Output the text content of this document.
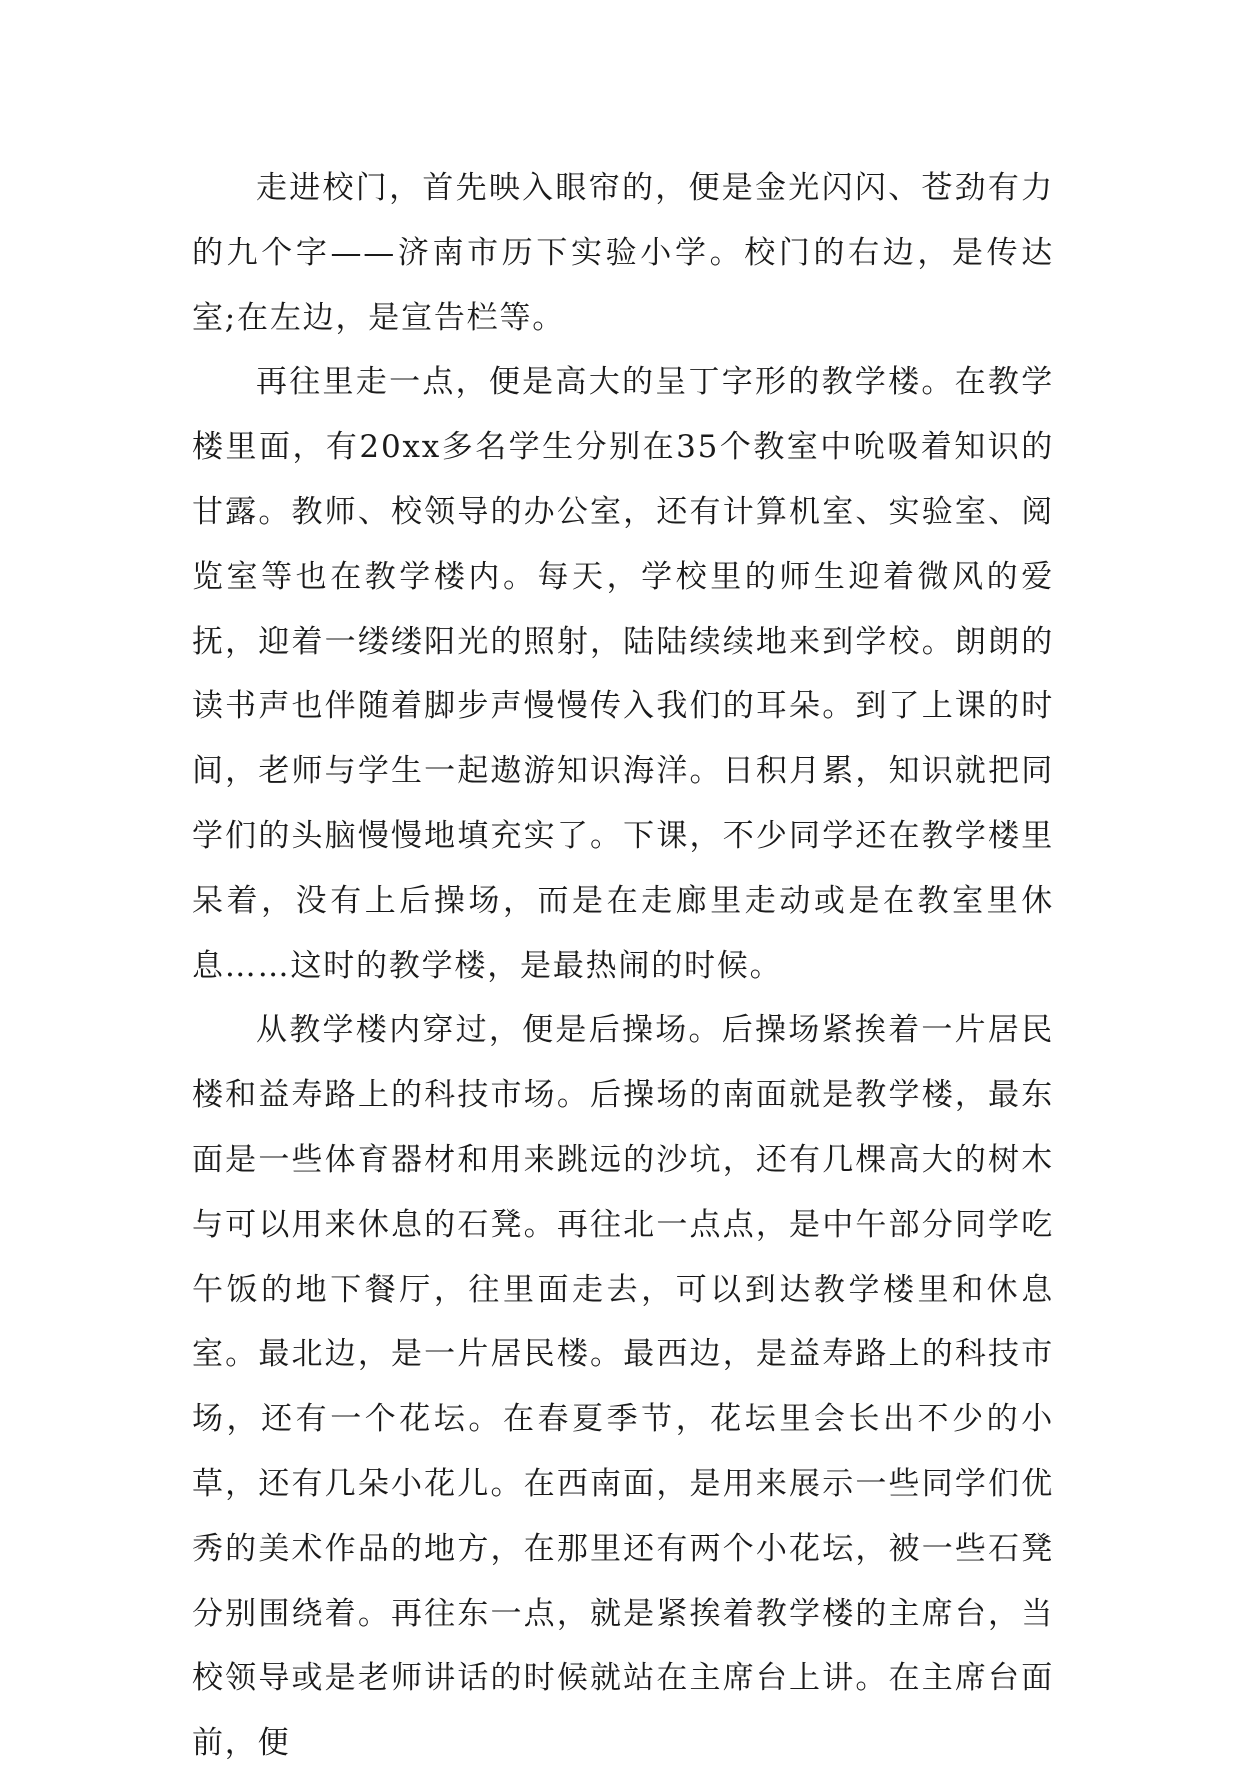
走进校门，首先映入眼帘的，便是金光闪闪、苍劲有力的九个字——济南市历下实验小学。校门的右边，是传达室;在左边，是宣告栏等。

再往里走一点，便是高大的呈丁字形的教学楼。在教学楼里面，有20xx多名学生分别在35个教室中吮吸着知识的甘露。教师、校领导的办公室，还有计算机室、实验室、阅览室等也在教学楼内。每天，学校里的师生迎着微风的爱抚，迎着一缕缕阳光的照射，陆陆续续地来到学校。朗朗的读书声也伴随着脚步声慢慢传入我们的耳朵。到了上课的时间，老师与学生一起遨游知识海洋。日积月累，知识就把同学们的头脑慢慢地填充实了。下课，不少同学还在教学楼里呆着，没有上后操场，而是在走廊里走动或是在教室里休息……这时的教学楼，是最热闹的时候。

从教学楼内穿过，便是后操场。后操场紧挨着一片居民楼和益寿路上的科技市场。后操场的南面就是教学楼，最东面是一些体育器材和用来跳远的沙坑，还有几棵高大的树木与可以用来休息的石凳。再往北一点点，是中午部分同学吃午饭的地下餐厅，往里面走去，可以到达教学楼里和休息室。最北边，是一片居民楼。最西边，是益寿路上的科技市场，还有一个花坛。在春夏季节，花坛里会长出不少的小草，还有几朵小花儿。在西南面，是用来展示一些同学们优秀的美术作品的地方，在那里还有两个小花坛，被一些石凳分别围绕着。再往东一点，就是紧挨着教学楼的主席台，当校领导或是老师讲话的时候就站在主席台上讲。在主席台面前，便
